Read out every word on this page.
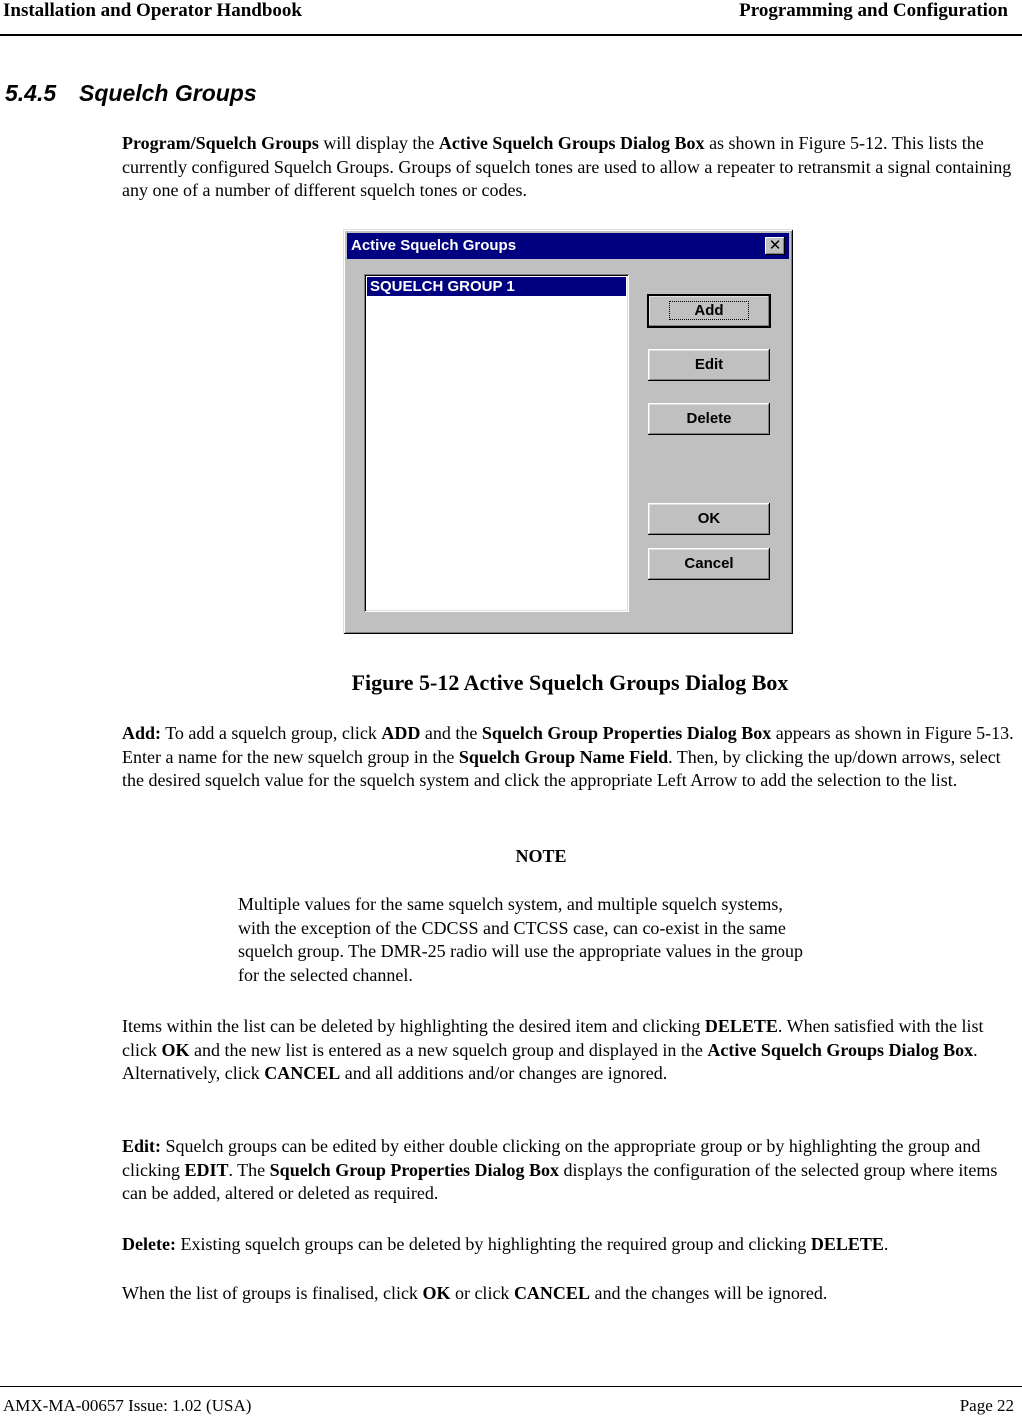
Installation and Operator Handbook	Programming and Configuration
5.4.5 Squelch Groups
Program/Squelch Groups will display the Active Squelch Groups Dialog Box as shown in Figure 5-12. This lists the currently configured Squelch Groups. Groups of squelch tones are used to allow a repeater to retransmit a signal containing any one of a number of different squelch tones or codes.
Active Squelch Groups	✕
SQUELCH GROUP 1
Add
Edit
Delete
OK
Cancel
Figure 5-12 Active Squelch Groups Dialog Box
Add: To add a squelch group, click ADD and the Squelch Group Properties Dialog Box appears as shown in Figure 5-13. Enter a name for the new squelch group in the Squelch Group Name Field. Then, by clicking the up/down arrows, select the desired squelch value for the squelch system and click the appropriate Left Arrow to add the selection to the list.
NOTE
Multiple values for the same squelch system, and multiple squelch systems, with the exception of the CDCSS and CTCSS case, can co-exist in the same squelch group. The DMR-25 radio will use the appropriate values in the group for the selected channel.
Items within the list can be deleted by highlighting the desired item and clicking DELETE. When satisfied with the list click OK and the new list is entered as a new squelch group and displayed in the Active Squelch Groups Dialog Box. Alternatively, click CANCEL and all additions and/or changes are ignored.
Edit: Squelch groups can be edited by either double clicking on the appropriate group or by highlighting the group and clicking EDIT. The Squelch Group Properties Dialog Box displays the configuration of the selected group where items can be added, altered or deleted as required.
Delete: Existing squelch groups can be deleted by highlighting the required group and clicking DELETE.
When the list of groups is finalised, click OK or click CANCEL and the changes will be ignored.
AMX-MA-00657 Issue: 1.02 (USA)	Page 22
